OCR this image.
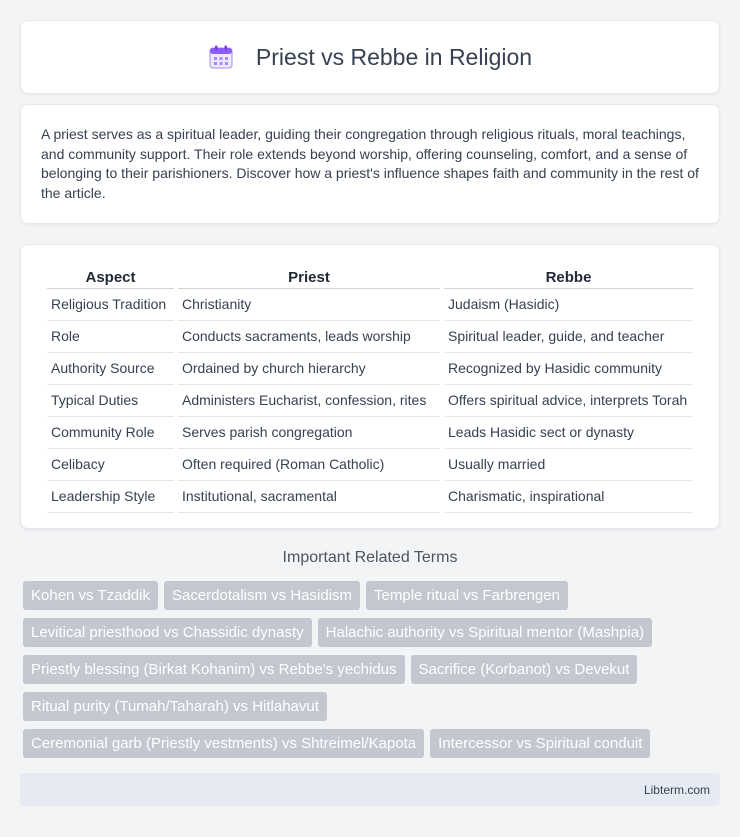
Priest vs Rebbe in Religion

A priest serves as a spiritual leader, guiding their congregation through religious rituals, moral teachings, and community support. Their role extends beyond worship, offering counseling, comfort, and a sense of belonging to their parishioners. Discover how a priest's influence shapes faith and community in the rest of the article.

Aspect	Priest	Rebbe
Religious Tradition	Christianity	Judaism (Hasidic)
Role	Conducts sacraments, leads worship	Spiritual leader, guide, and teacher
Authority Source	Ordained by church hierarchy	Recognized by Hasidic community
Typical Duties	Administers Eucharist, confession, rites	Offers spiritual advice, interprets Torah
Community Role	Serves parish congregation	Leads Hasidic sect or dynasty
Celibacy	Often required (Roman Catholic)	Usually married
Leadership Style	Institutional, sacramental	Charismatic, inspirational
Important Related Terms
Kohen vs Tzaddik	Sacerdotalism vs Hasidism	Temple ritual vs Farbrengen
Levitical priesthood vs Chassidic dynasty	Halachic authority vs Spiritual mentor (Mashpia)
Priestly blessing (Birkat Kohanim) vs Rebbe's yechidus	Sacrifice (Korbanot) vs Devekut
Ritual purity (Tumah/Taharah) vs Hitlahavut
Ceremonial garb (Priestly vestments) vs Shtreimel/Kapota	Intercessor vs Spiritual conduit
Libterm.com
